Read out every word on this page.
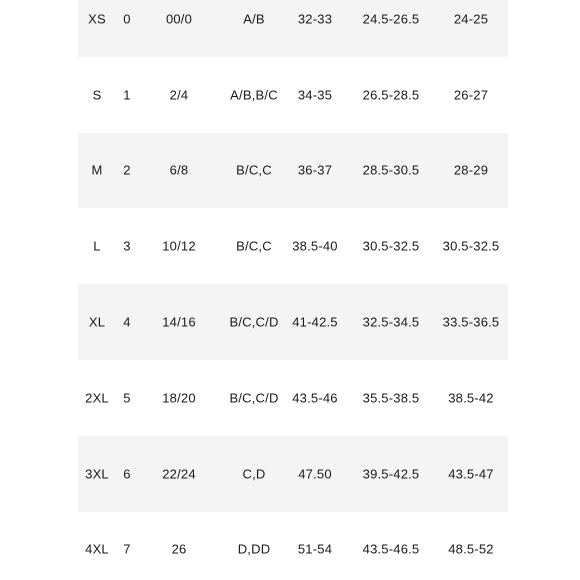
XS 0	00/0	A/B	32-33 24.5-26.5	24-25
S 1	2/4	A/B,B/C 34-35 26.5-28.5	26-27
M 2	6/8	B/C,C 36-37 28.5-30.5	28-29
L 3 10/12	B/C,C 38.5-40 30.5-32.5 30.5-32.5
XL 4 14/16	B/C,C/D 41-42.5 32.5-34.5 33.5-36.5
2XL 5 18/20	B/C,C/D 43.5-46 35.5-38.5 38.5-42
3XL 6 22/24	C,D	47.50 39.5-42.5 43.5-47
4XL 7	26	D,DD 51-54 43.5-46.5 48.5-52
